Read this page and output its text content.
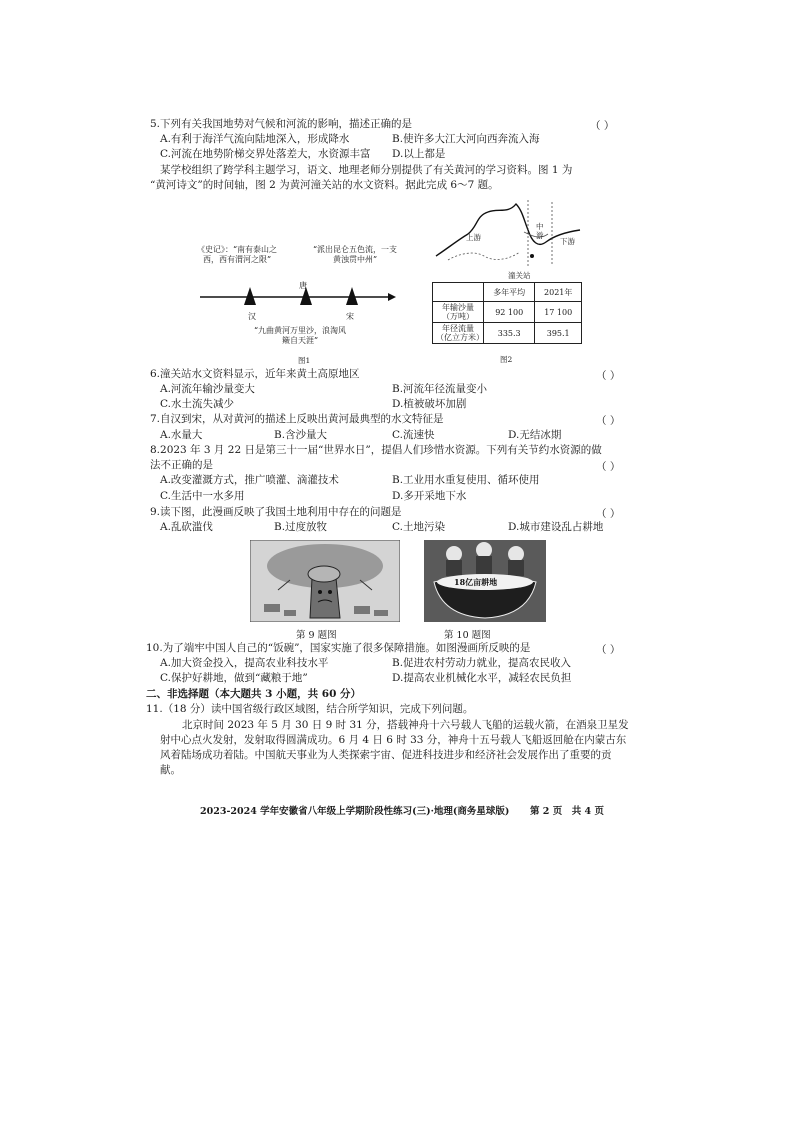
5.下列有关我国地势对气候和河流的影响，描述正确的是	（ ）
A.有利于海洋气流向陆地深入，形成降水	B.使许多大江大河向西奔流入海
C.河流在地势阶梯交界处落差大，水资源丰富 D.以上都是
某学校组织了跨学科主题学习，语文、地理老师分别提供了有关黄河的学习资料。图 1 为
“黄河诗文”的时间轴，图 2 为黄河潼关站的水文资料。据此完成 6～7 题。
《史记》：“南有泰山之西，西有渭河之限”
“派出昆仑五色流，一支黄浊贯中州”
汉
唐
宋
“九曲黄河万里沙，浪淘风簸自天涯”
图1
上游
中游
下游
潼关站
	多年平均	2021年
年输沙量（万吨）	92 100	17 100
年径流量（亿立方米）	335.3	395.1
图2
6.潼关站水文资料显示，近年来黄土高原地区	（ ）
A.河流年输沙量变大	B.河流年径流量变小
C.水土流失减少	D.植被破坏加剧
7.自汉到宋，从对黄河的描述上反映出黄河最典型的水文特征是	（ ）
A.水量大	B.含沙量大	C.流速快	D.无结冰期
8.2023 年 3 月 22 日是第三十一届“世界水日”，提倡人们珍惜水资源。下列有关节约水资源的做
法不正确的是	（ ）
A.改变灌溉方式，推广喷灌、滴灌技术	B.工业用水重复使用、循环使用
C.生活中一水多用	D.多开采地下水
9.读下图，此漫画反映了我国土地利用中存在的问题是	（ ）
A.乱砍滥伐	B.过度放牧	C.土地污染	D.城市建设乱占耕地
第 9 题图
18亿亩耕地
第 10 题图
10.为了端牢中国人自己的“饭碗”，国家实施了很多保障措施。如图漫画所反映的是	（ ）
A.加大资金投入，提高农业科技水平	B.促进农村劳动力就业，提高农民收入
C.保护好耕地，做到“藏粮于地”	D.提高农业机械化水平，减轻农民负担
二、非选择题（本大题共 3 小题，共 60 分）
11.（18 分）读中国省级行政区域图，结合所学知识，完成下列问题。
北京时间 2023 年 5 月 30 日 9 时 31 分，搭载神舟十六号载人飞船的运载火箭，在酒泉卫星发射中心点火发射，发射取得圆满成功。6 月 4 日 6 时 33 分，神舟十五号载人飞船返回舱在内蒙古东风着陆场成功着陆。中国航天事业为人类探索宇宙、促进科技进步和经济社会发展作出了重要的贡献。
2023-2024 学年安徽省八年级上学期阶段性练习(三)·地理(商务星球版) 第 2 页　共 4 页
